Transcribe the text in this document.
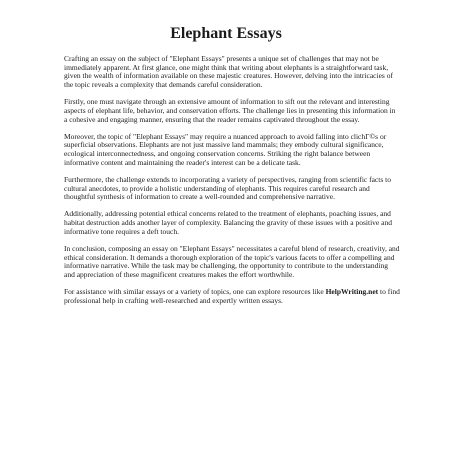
Elephant Essays

Crafting an essay on the subject of "Elephant Essays" presents a unique set of challenges that may not be immediately apparent. At first glance, one might think that writing about elephants is a straightforward task, given the wealth of information available on these majestic creatures. However, delving into the intricacies of the topic reveals a complexity that demands careful consideration.

Firstly, one must navigate through an extensive amount of information to sift out the relevant and interesting aspects of elephant life, behavior, and conservation efforts. The challenge lies in presenting this information in a cohesive and engaging manner, ensuring that the reader remains captivated throughout the essay.

Moreover, the topic of "Elephant Essays" may require a nuanced approach to avoid falling into clichГ©s or superficial observations. Elephants are not just massive land mammals; they embody cultural significance, ecological interconnectedness, and ongoing conservation concerns. Striking the right balance between informative content and maintaining the reader's interest can be a delicate task.

Furthermore, the challenge extends to incorporating a variety of perspectives, ranging from scientific facts to cultural anecdotes, to provide a holistic understanding of elephants. This requires careful research and thoughtful synthesis of information to create a well-rounded and comprehensive narrative.

Additionally, addressing potential ethical concerns related to the treatment of elephants, poaching issues, and habitat destruction adds another layer of complexity. Balancing the gravity of these issues with a positive and informative tone requires a deft touch.

In conclusion, composing an essay on "Elephant Essays" necessitates a careful blend of research, creativity, and ethical consideration. It demands a thorough exploration of the topic's various facets to offer a compelling and informative narrative. While the task may be challenging, the opportunity to contribute to the understanding and appreciation of these magnificent creatures makes the effort worthwhile.

For assistance with similar essays or a variety of topics, one can explore resources like HelpWriting.net to find professional help in crafting well-researched and expertly written essays.
